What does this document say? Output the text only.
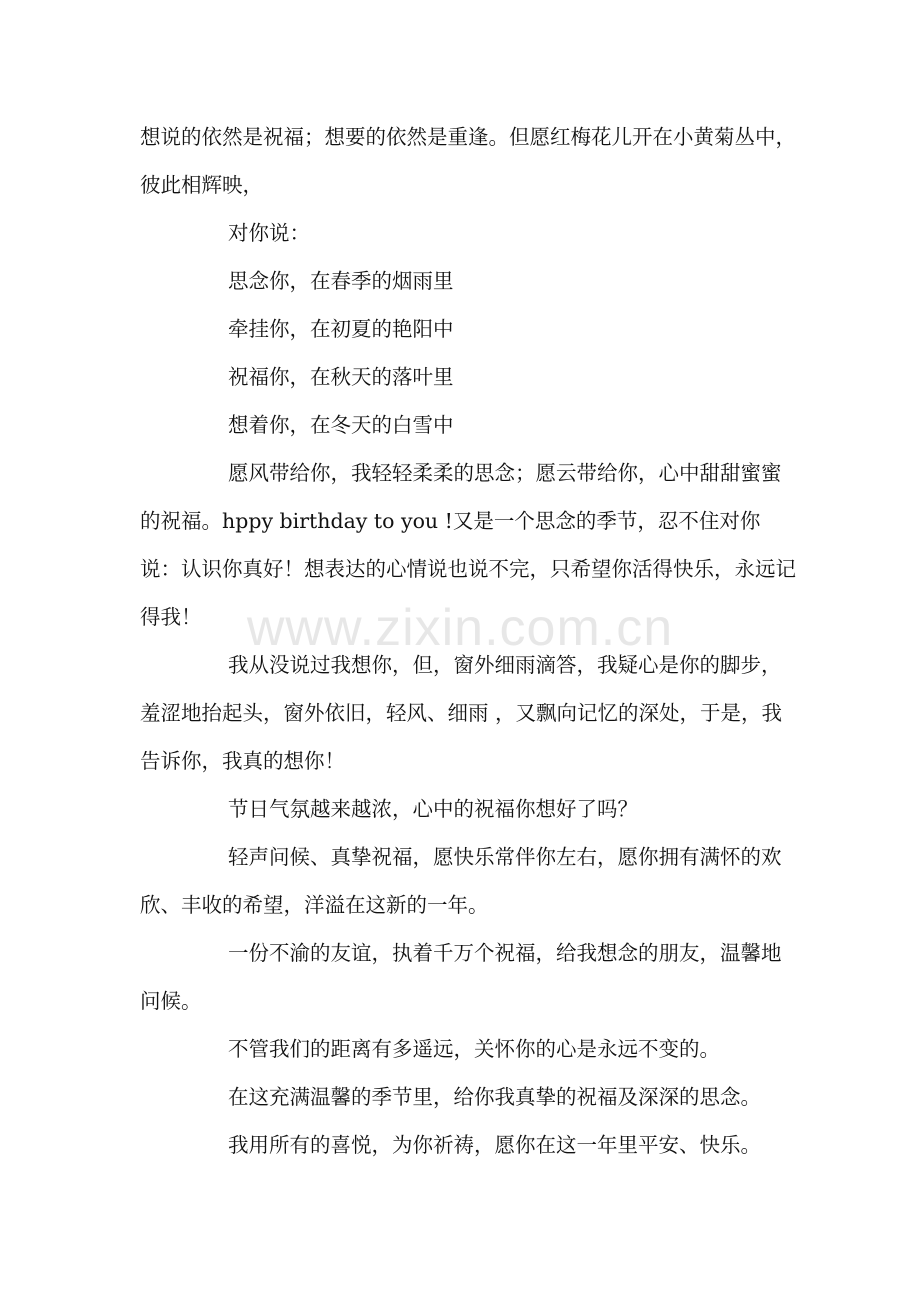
想说的依然是祝福；想要的依然是重逢。但愿红梅花儿开在小黄菊丛中，彼此相辉映，

对你说：

思念你，在春季的烟雨里

牵挂你，在初夏的艳阳中

祝福你，在秋天的落叶里

想着你，在冬天的白雪中

愿风带给你，我轻轻柔柔的思念；愿云带给你，心中甜甜蜜蜜的祝福。hppy birthday to you !又是一个思念的季节，忍不住对你说：认识你真好！想表达的心情说也说不完，只希望你活得快乐，永远记得我！

我从没说过我想你，但，窗外细雨滴答，我疑心是你的脚步，羞涩地抬起头，窗外依旧，轻风、细雨 ，又飘向记忆的深处，于是，我告诉你，我真的想你！

节日气氛越来越浓，心中的祝福你想好了吗？

轻声问候、真挚祝福，愿快乐常伴你左右，愿你拥有满怀的欢欣、丰收的希望，洋溢在这新的一年。

一份不渝的友谊，执着千万个祝福，给我想念的朋友，温馨地问候。

不管我们的距离有多遥远，关怀你的心是永远不变的。

在这充满温馨的季节里，给你我真挚的祝福及深深的思念。

我用所有的喜悦，为你祈祷，愿你在这一年里平安、快乐。

www.zixin.com.cn
